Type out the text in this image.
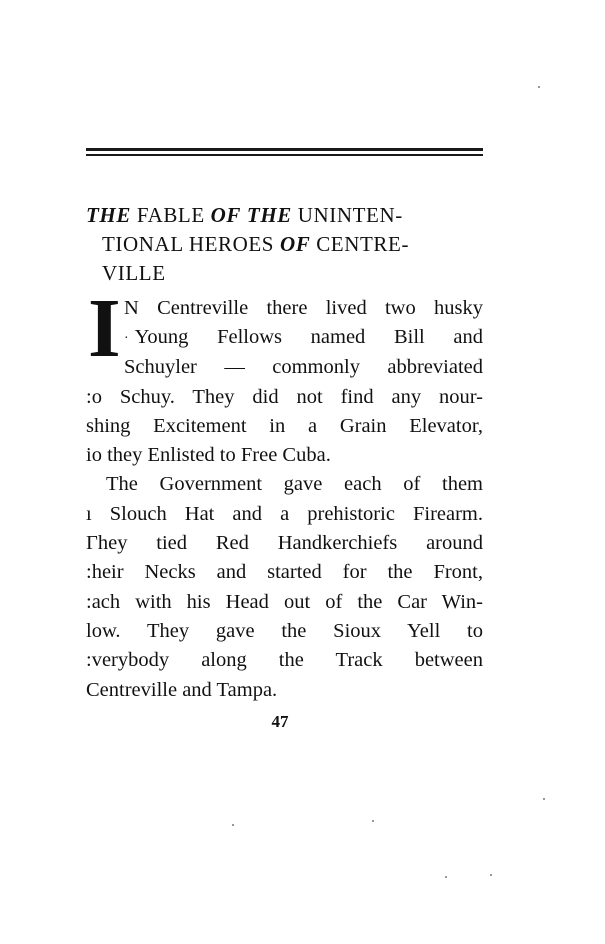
THE FABLE OF THE UNINTEN-
TIONAL HEROES OF CENTRE-
VILLE
I N Centreville there lived two husky
· Young Fellows named Bill and
Schuyler — commonly abbreviated
:o Schuy. They did not find any nour-
shing Excitement in a Grain Elevator,
io they Enlisted to Free Cuba.
The Government gave each of them
ı Slouch Hat and a prehistoric Firearm.
Γhey tied Red Handkerchiefs around
:heir Necks and started for the Front,
:ach with his Head out of the Car Win-
low. They gave the Sioux Yell to
:verybody along the Track between
Centreville and Tampa.
47
